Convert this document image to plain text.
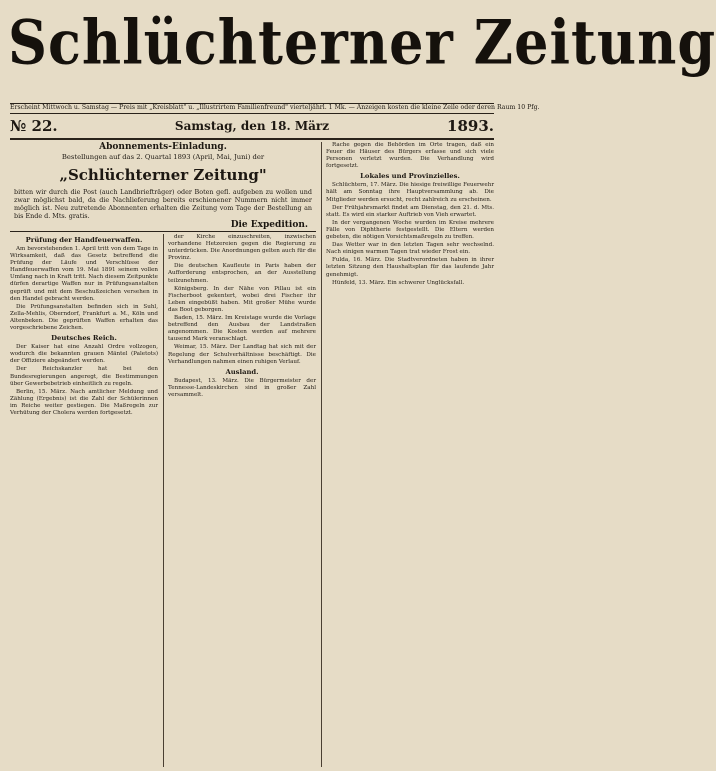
Schlüchterner Zeitung
Erscheint Mittwoch u. Samstag — Preis mit „Kreisblatt" u. „Illustrirtem Familienfreund" vierteljährl. 1 Mk. — Anzeigen kosten die kleine Zeile oder deren Raum 10 Pfg.
№ 22.	Samstag, den 18. März	1893.
Abonnements-Einladung.
Bestellungen auf das 2. Quartal 1893 (April, Mai, Juni) der
„Schlüchterner Zeitung"
bitten wir durch die Post (auch Landbriefträger) oder Boten gefl. aufgeben zu wollen und zwar möglichst bald, da die Nachlieferung bereits erschienener Nummern nicht immer möglich ist. Neu zutretende Abonnenten erhalten die Zeitung vom Tage der Bestellung an bis Ende d. Mts. gratis.
Die Expedition.
Prüfung der Handfeuerwaffen.

Am bevorstehenden 1. April tritt von dem Tage in Wirksamkeit, daß das Gesetz betreffend die Prüfung der Läufe und Verschlüsse der Handfeuerwaffen vom 19. Mai 1891 seinem vollen Umfang nach in Kraft tritt. Nach diesem Zeitpunkte dürfen derartige Waffen nur in Prüfungsanstalten geprüft und mit dem Beschußzeichen versehen in den Handel gebracht werden.

Die Prüfungsanstalten befinden sich in Suhl, Zella-Mehlis, Oberndorf, Frankfurt a. M., Köln und Altenbeken. Die geprüften Waffen erhalten das vorgeschriebene Zeichen.

Deutsches Reich.

Der Kaiser hat eine Anzahl Ordre vollzogen, wodurch die bekannten grauen Mäntel (Paletots) der Offiziere abgeändert werden.

Der Reichskanzler hat bei den Bundesregierungen angeregt, die Bestimmungen über Gewerbebetrieb einheitlich zu regeln.

Berlin, 15. März. Nach amtlicher Meldung und Zählung (Ergebnis) ist die Zahl der Schülerinnen im Reiche weiter gestiegen. Die Maßregeln zur Verhütung der Cholera werden fortgesetzt.

der Kirche einzuschreiten, inzwischen vorhandene Hetzereien gegen die Regierung zu unterdrücken. Die Anordnungen gelten auch für die Provinz.

Die deutschen Kaufleute in Paris haben der Aufforderung entsprochen, an der Ausstellung teilzunehmen.

Königsberg. In der Nähe von Pillau ist ein Fischerboot gekentert, wobei drei Fischer ihr Leben eingebüßt haben. Mit großer Mühe wurde das Boot geborgen.

Baden, 15. März. Im Kreistage wurde die Vorlage betreffend den Ausbau der Landstraßen angenommen. Die Kosten werden auf mehrere tausend Mark veranschlagt.

Weimar, 15. März. Der Landtag hat sich mit der Regelung der Schulverhältnisse beschäftigt. Die Verhandlungen nahmen einen ruhigen Verlauf.

Ausland.

Budapest, 13. März. Die Bürgermeister der Tennesse-Landeskirchen sind in großer Zahl versammelt.

Rache gegen die Behörden im Orte tragen, daß ein Feuer die Häuser des Bürgers erfasse und sich viele Personen verletzt wurden. Die Verhandlung wird fortgesetzt.

Lokales und Provinzielles.

Schlüchtern, 17. März. Die hiesige freiwillige Feuerwehr hält am Sonntag ihre Hauptversammlung ab. Die Mitglieder werden ersucht, recht zahlreich zu erscheinen.

Der Frühjahrsmarkt findet am Dienstag, den 21. d. Mts. statt. Es wird ein starker Auftrieb von Vieh erwartet.

In der vergangenen Woche wurden im Kreise mehrere Fälle von Diphtherie festgestellt. Die Eltern werden gebeten, die nötigen Vorsichtsmaßregeln zu treffen.

Das Wetter war in den letzten Tagen sehr wechselnd. Nach einigen warmen Tagen trat wieder Frost ein.

Fulda, 16. März. Die Stadtverordneten haben in ihrer letzten Sitzung den Haushaltsplan für das laufende Jahr genehmigt.

Hünfeld, 13. März. Ein schwerer Unglücksfall.
